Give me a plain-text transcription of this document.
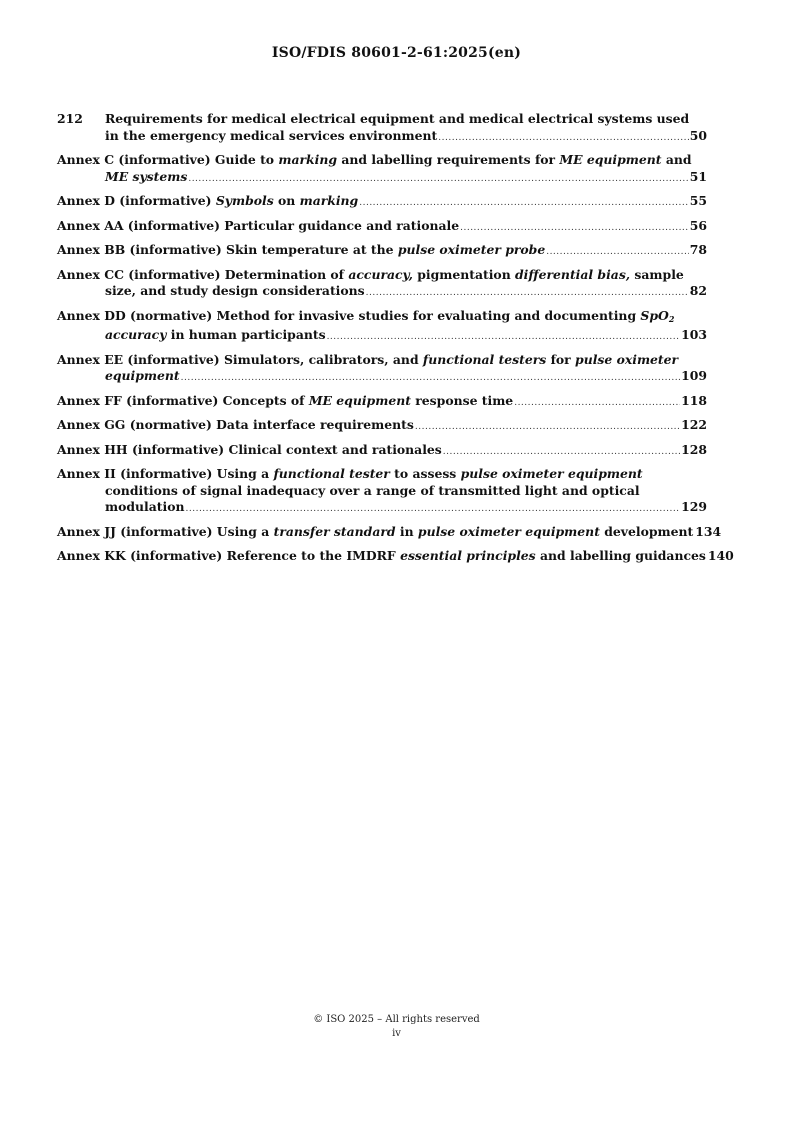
ISO/FDIS 80601-2-61:2025(en)
212 Requirements for medical electrical equipment and medical electrical systems used
in the emergency medical services environment .....	50
Annex C (informative) Guide to marking and labelling requirements for ME equipment and
ME systems .....	51
Annex D (informative) Symbols on marking .....	55
Annex AA (informative) Particular guidance and rationale .....	56
Annex BB (informative) Skin temperature at the pulse oximeter probe .....	78
Annex CC (informative) Determination of accuracy, pigmentation differential bias, sample
size, and study design considerations .....	82
Annex DD (normative) Method for invasive studies for evaluating and documenting SpO$_2$
accuracy in human participants .....	103
Annex EE (informative) Simulators, calibrators, and functional testers for pulse oximeter
equipment .....	109
Annex FF (informative) Concepts of ME equipment response time .....	118
Annex GG (normative) Data interface requirements .....	122
Annex HH (informative) Clinical context and rationales .....	128
Annex II (informative) Using a functional tester to assess pulse oximeter equipment
conditions of signal inadequacy over a range of transmitted light and optical
modulation .....	129
Annex JJ (informative) Using a transfer standard in pulse oximeter equipment development 134
Annex KK (informative) Reference to the IMDRF essential principles and labelling guidances 140
© ISO 2025 – All rights reserved
iv
